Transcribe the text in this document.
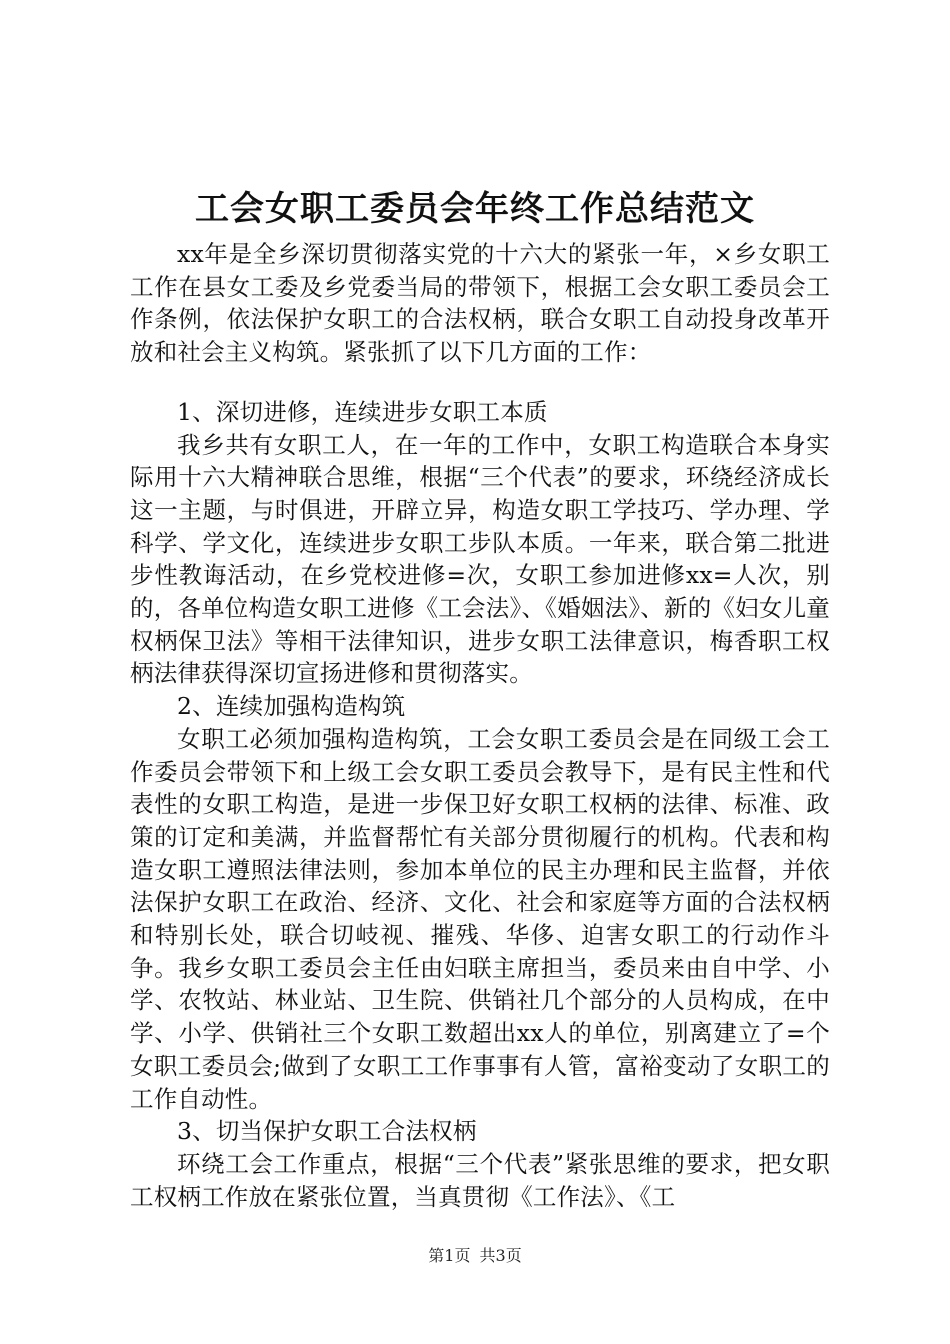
工会女职工委员会年终工作总结范文

xx年是全乡深切贯彻落实党的十六大的紧张一年，×乡女职工工作在县女工委及乡党委当局的带领下，根据工会女职工委员会工作条例，依法保护女职工的合法权柄，联合女职工自动投身改革开放和社会主义构筑。紧张抓了以下几方面的工作：

1、深切进修，连续进步女职工本质

我乡共有女职工人，在一年的工作中，女职工构造联合本身实际用十六大精神联合思维，根据“三个代表”的要求，环绕经济成长这一主题，与时俱进，开辟立异，构造女职工学技巧、学办理、学科学、学文化，连续进步女职工步队本质。一年来，联合第二批进步性教诲活动，在乡党校进修=次，女职工参加进修xx=人次，别的，各单位构造女职工进修《工会法》、《婚姻法》、新的《妇女儿童权柄保卫法》等相干法律知识，进步女职工法律意识，梅香职工权柄法律获得深切宣扬进修和贯彻落实。

2、连续加强构造构筑

女职工必须加强构造构筑，工会女职工委员会是在同级工会工作委员会带领下和上级工会女职工委员会教导下，是有民主性和代表性的女职工构造，是进一步保卫好女职工权柄的法律、标准、政策的订定和美满，并监督帮忙有关部分贯彻履行的机构。代表和构造女职工遵照法律法则，参加本单位的民主办理和民主监督，并依法保护女职工在政治、经济、文化、社会和家庭等方面的合法权柄和特别长处，联合切岐视、摧残、华侈、迫害女职工的行动作斗争。我乡女职工委员会主任由妇联主席担当，委员来由自中学、小学、农牧站、林业站、卫生院、供销社几个部分的人员构成，在中学、小学、供销社三个女职工数超出xx人的单位，别离建立了=个女职工委员会;做到了女职工工作事事有人管，富裕变动了女职工的工作自动性。

3、切当保护女职工合法权柄

环绕工会工作重点，根据“三个代表”紧张思维的要求，把女职工权柄工作放在紧张位置，当真贯彻《工作法》、《工

第1页 共3页
